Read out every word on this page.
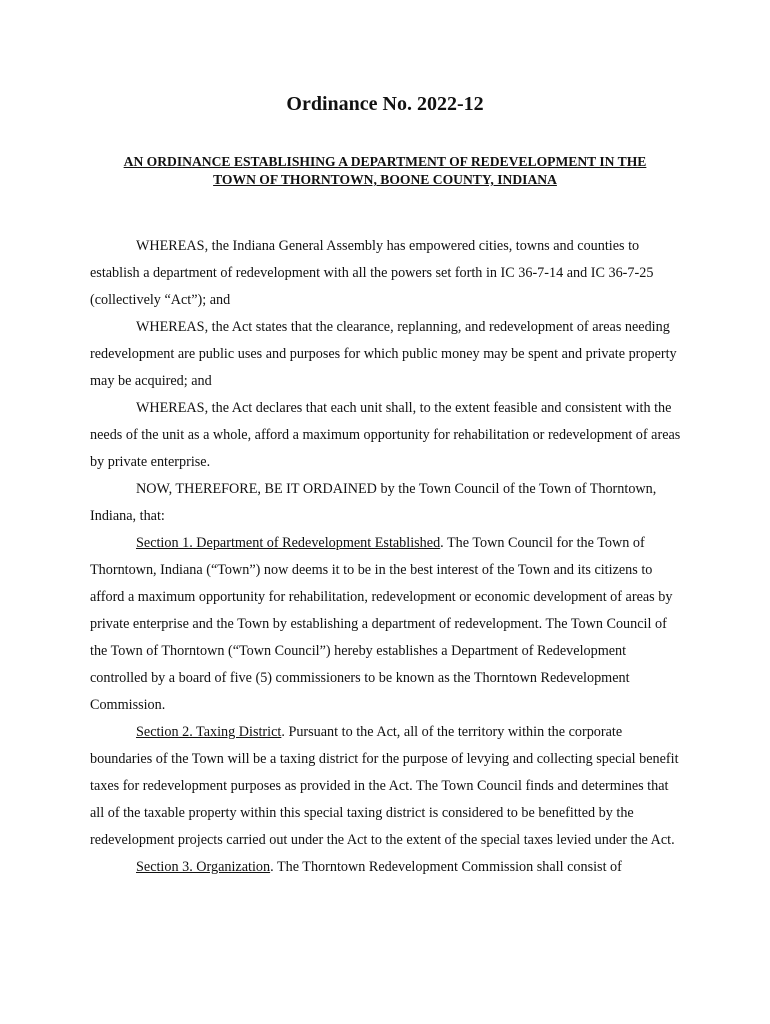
Ordinance No. 2022-12
AN ORDINANCE ESTABLISHING A DEPARTMENT OF REDEVELOPMENT IN THE
TOWN OF THORNTOWN, BOONE COUNTY, INDIANA

WHEREAS, the Indiana General Assembly has empowered cities, towns and counties to establish a department of redevelopment with all the powers set forth in IC 36-7-14 and IC 36-7-25 (collectively “Act”); and

WHEREAS, the Act states that the clearance, replanning, and redevelopment of areas needing redevelopment are public uses and purposes for which public money may be spent and private property may be acquired; and

WHEREAS, the Act declares that each unit shall, to the extent feasible and consistent with the needs of the unit as a whole, afford a maximum opportunity for rehabilitation or redevelopment of areas by private enterprise.

NOW, THEREFORE, BE IT ORDAINED by the Town Council of the Town of Thorntown, Indiana, that:

Section 1. Department of Redevelopment Established. The Town Council for the Town of Thorntown, Indiana (“Town”) now deems it to be in the best interest of the Town and its citizens to afford a maximum opportunity for rehabilitation, redevelopment or economic development of areas by private enterprise and the Town by establishing a department of redevelopment. The Town Council of the Town of Thorntown (“Town Council”) hereby establishes a Department of Redevelopment controlled by a board of five (5) commissioners to be known as the Thorntown Redevelopment Commission.

Section 2. Taxing District. Pursuant to the Act, all of the territory within the corporate boundaries of the Town will be a taxing district for the purpose of levying and collecting special benefit taxes for redevelopment purposes as provided in the Act. The Town Council finds and determines that all of the taxable property within this special taxing district is considered to be benefitted by the redevelopment projects carried out under the Act to the extent of the special taxes levied under the Act.

Section 3. Organization. The Thorntown Redevelopment Commission shall consist of
